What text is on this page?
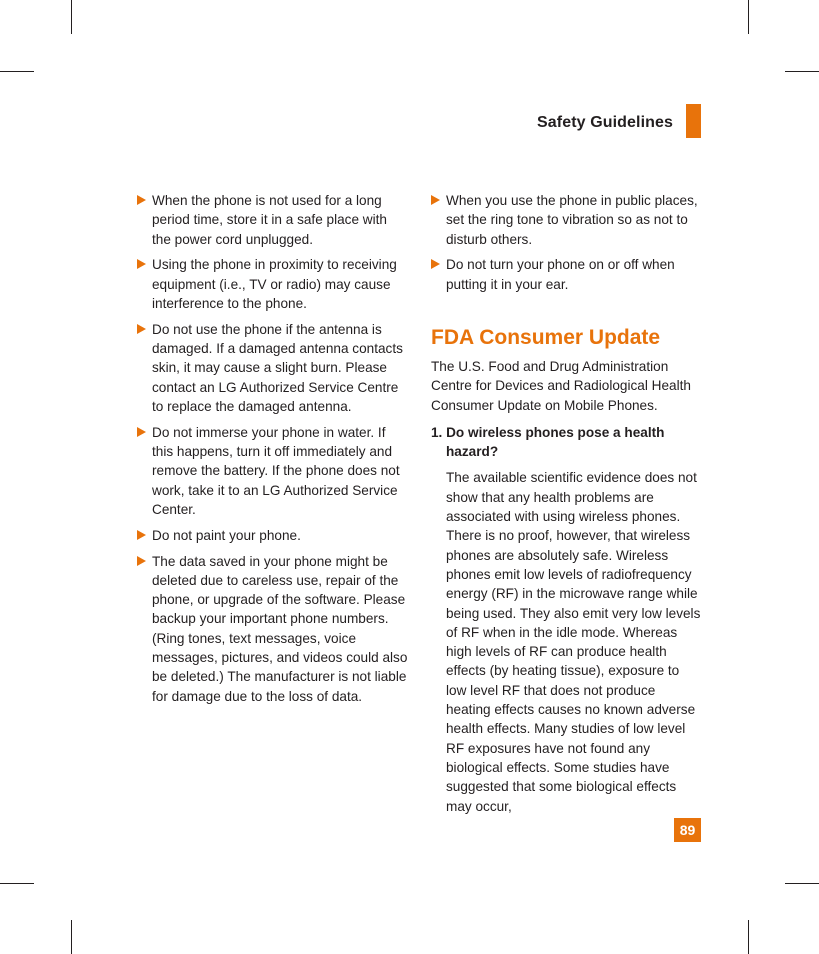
Safety Guidelines
When the phone is not used for a long period time, store it in a safe place with the power cord unplugged.
Using the phone in proximity to receiving equipment (i.e., TV or radio) may cause interference to the phone.
Do not use the phone if the antenna is damaged. If a damaged antenna contacts skin, it may cause a slight burn. Please contact an LG Authorized Service Centre to replace the damaged antenna.
Do not immerse your phone in water. If this happens, turn it off immediately and remove the battery. If the phone does not work, take it to an LG Authorized Service Center.
Do not paint your phone.
The data saved in your phone might be deleted due to careless use, repair of the phone, or upgrade of the software. Please backup your important phone numbers. (Ring tones, text messages, voice messages, pictures, and videos could also be deleted.) The manufacturer is not liable for damage due to the loss of data.
When you use the phone in public places, set the ring tone to vibration so as not to disturb others.
Do not turn your phone on or off when putting it in your ear.
FDA Consumer Update

The U.S. Food and Drug Administration Centre for Devices and Radiological Health Consumer Update on Mobile Phones.

1. Do wireless phones pose a health hazard?

The available scientific evidence does not show that any health problems are associated with using wireless phones. There is no proof, however, that wireless phones are absolutely safe. Wireless phones emit low levels of radiofrequency energy (RF) in the microwave range while being used. They also emit very low levels of RF when in the idle mode. Whereas high levels of RF can produce health effects (by heating tissue), exposure to low level RF that does not produce heating effects causes no known adverse health effects. Many studies of low level RF exposures have not found any biological effects. Some studies have suggested that some biological effects may occur,

89
